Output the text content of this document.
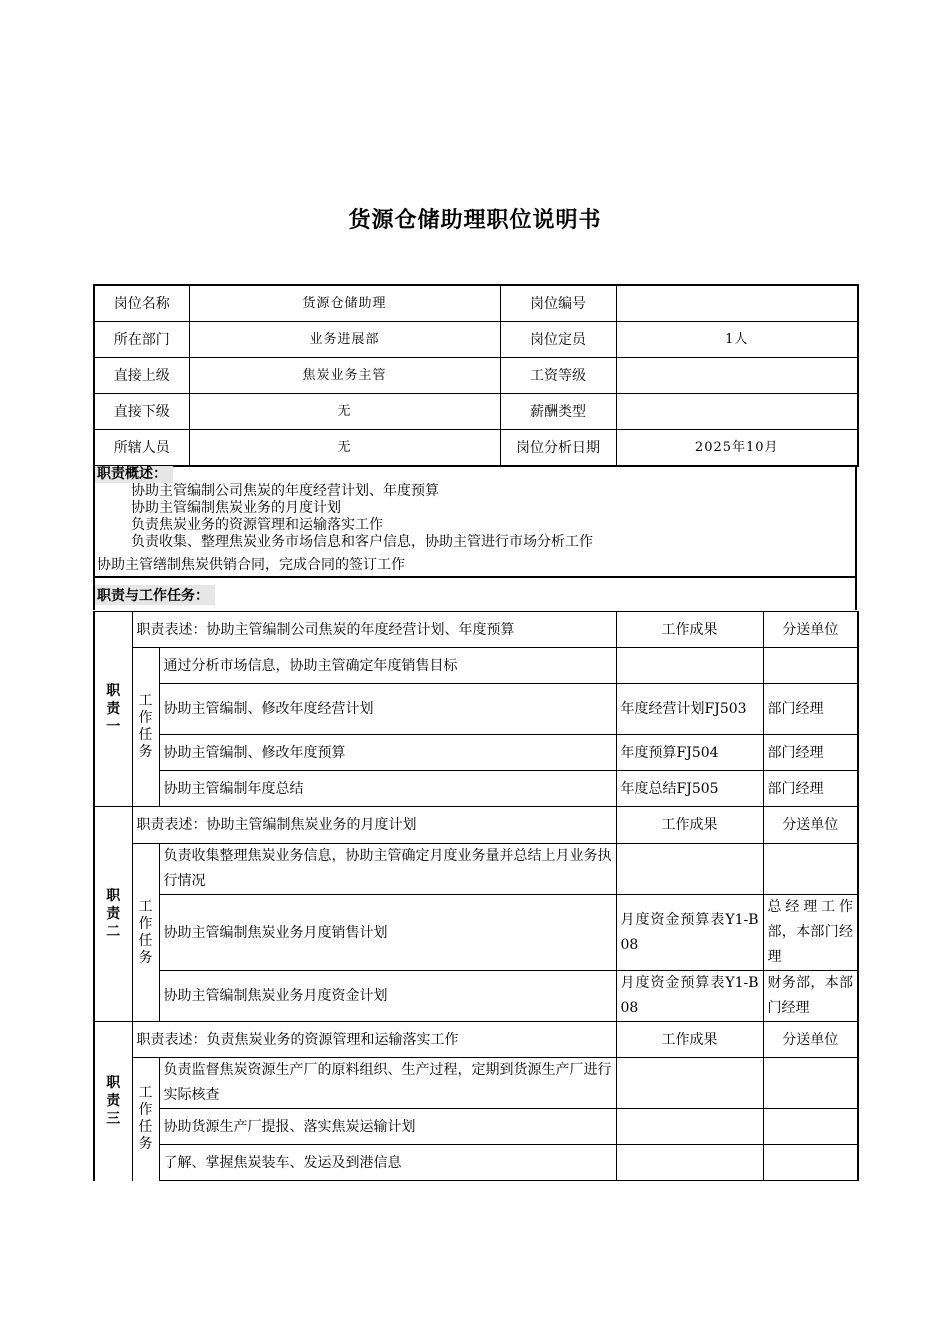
货源仓储助理职位说明书
岗位名称	货源仓储助理	岗位编号	
所在部门	业务进展部	岗位定员	1人
直接上级	焦炭业务主管	工资等级	
直接下级	无	薪酬类型	
所辖人员	无	岗位分析日期	2025年10月
职责概述：
协助主管编制公司焦炭的年度经营计划、年度预算
协助主管编制焦炭业务的月度计划
负责焦炭业务的资源管理和运输落实工作
负责收集、整理焦炭业务市场信息和客户信息，协助主管进行市场分析工作
协助主管缮制焦炭供销合同，完成合同的签订工作
职责与工作任务：
职
责
一	职责表述：协助主管编制公司焦炭的年度经营计划、年度预算		工作成果	分送单位
	工
作
任
务	通过分析市场信息，协助主管确定年度销售目标		
		协助主管编制、修改年度经营计划	年度经营计划FJ503	部门经理
		协助主管编制、修改年度预算	年度预算FJ504	部门经理
		协助主管编制年度总结	年度总结FJ505	部门经理
职
责
二	职责表述：协助主管编制焦炭业务的月度计划		工作成果	分送单位
	工
作
任
务	负责收集整理焦炭业务信息，协助主管确定月度业务量并总结上月业务执行情况		
		协助主管编制焦炭业务月度销售计划	月度资金预算表Y1-B08	总经理工作部，本部门经理
		协助主管编制焦炭业务月度资金计划	月度资金预算表Y1-B08	财务部，本部门经理
职
责
三	职责表述：负责焦炭业务的资源管理和运输落实工作		工作成果	分送单位
	工
作
任
务	负责监督焦炭资源生产厂的原料组织、生产过程，定期到货源生产厂进行实际核查		
		协助货源生产厂提报、落实焦炭运输计划		
		了解、掌握焦炭装车、发运及到港信息		
